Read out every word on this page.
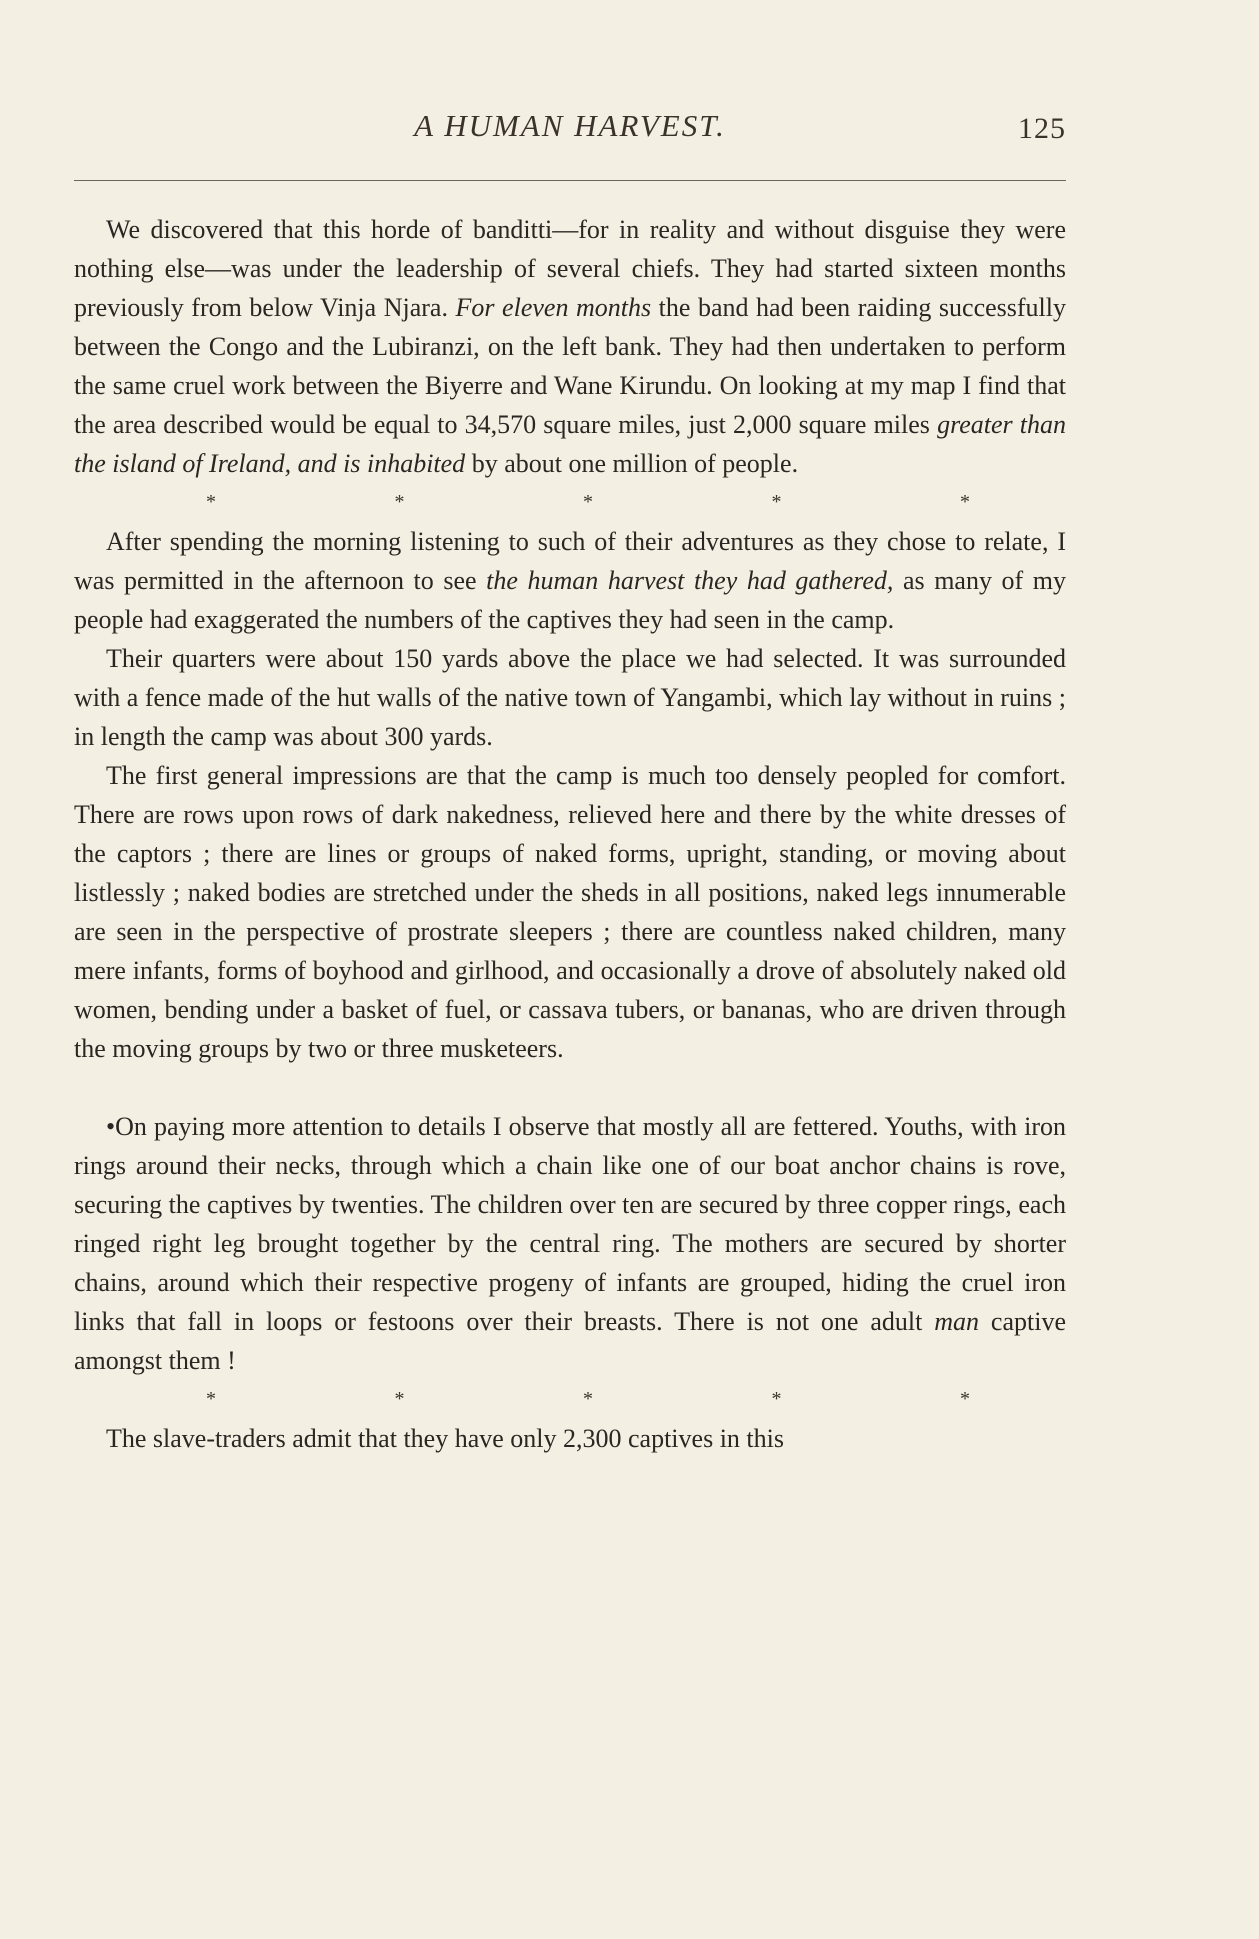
A HUMAN HARVEST.	125

We discovered that this horde of banditti—for in reality and without disguise they were nothing else—was under the leadership of several chiefs. They had started sixteen months previously from below Vinja Njara. For eleven months the band had been raiding successfully between the Congo and the Lubiranzi, on the left bank. They had then undertaken to perform the same cruel work between the Biyerre and Wane Kirundu. On looking at my map I find that the area described would be equal to 34,570 square miles, just 2,000 square miles greater than the island of Ireland, and is inhabited by about one million of people.

*	*	*	*	*

After spending the morning listening to such of their adventures as they chose to relate, I was permitted in the afternoon to see the human harvest they had gathered, as many of my people had exaggerated the numbers of the captives they had seen in the camp.

Their quarters were about 150 yards above the place we had selected. It was surrounded with a fence made of the hut walls of the native town of Yangambi, which lay without in ruins ; in length the camp was about 300 yards.

The first general impressions are that the camp is much too densely peopled for comfort. There are rows upon rows of dark nakedness, relieved here and there by the white dresses of the captors ; there are lines or groups of naked forms, upright, standing, or moving about listlessly ; naked bodies are stretched under the sheds in all positions, naked legs innumerable are seen in the perspective of prostrate sleepers ; there are countless naked children, many mere infants, forms of boyhood and girlhood, and occasionally a drove of absolutely naked old women, bending under a basket of fuel, or cassava tubers, or bananas, who are driven through the moving groups by two or three musketeers.

•On paying more attention to details I observe that mostly all are fettered. Youths, with iron rings around their necks, through which a chain like one of our boat anchor chains is rove, securing the captives by twenties. The children over ten are secured by three copper rings, each ringed right leg brought together by the central ring. The mothers are secured by shorter chains, around which their respective progeny of infants are grouped, hiding the cruel iron links that fall in loops or festoons over their breasts. There is not one adult man captive amongst them !

*	*	*	*	*

The slave-traders admit that they have only 2,300 captives in this
